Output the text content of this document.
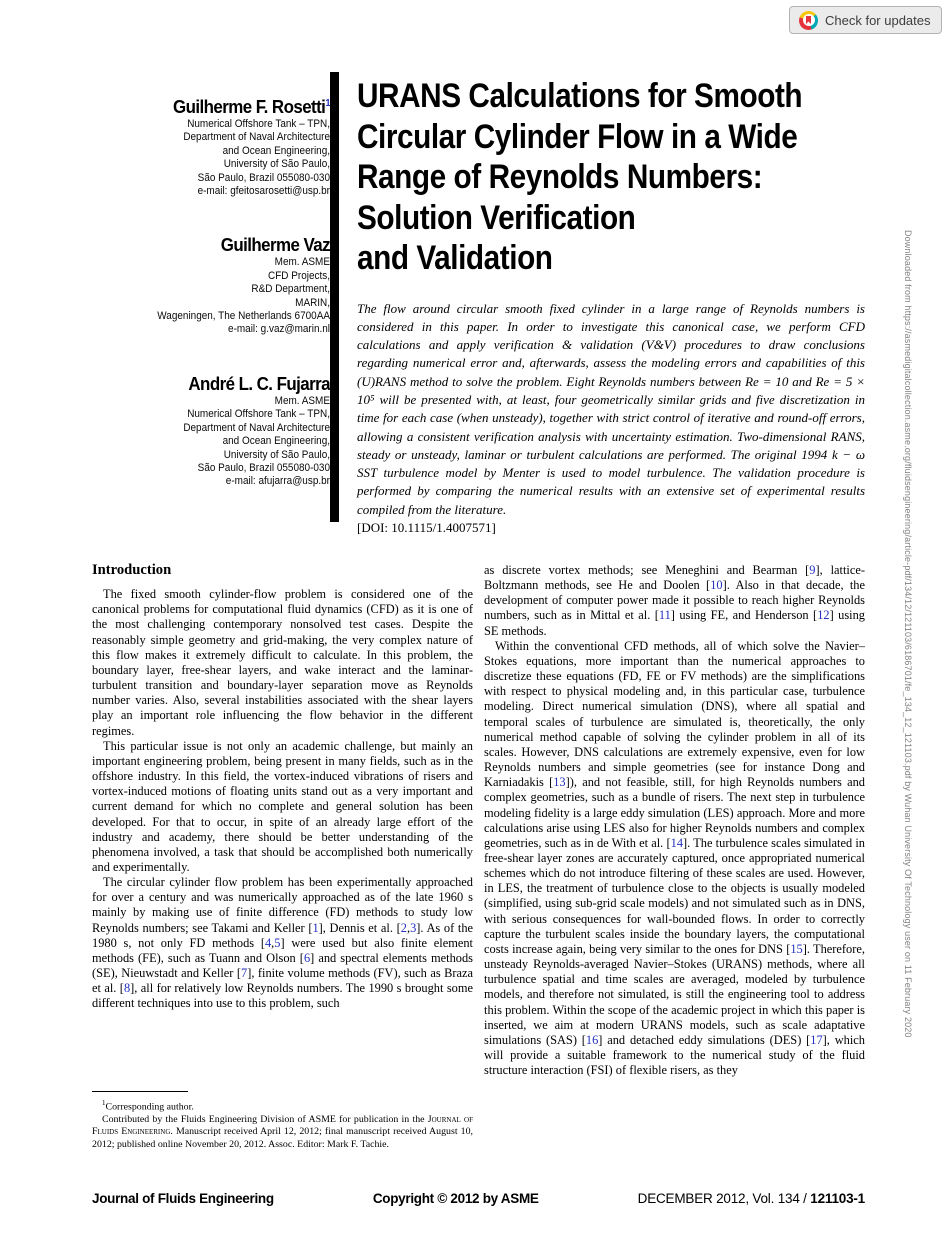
Check for updates
Downloaded from https://asmedigitalcollection.asme.org/fluidsengineering/article-pdf/134/12/121103/6186701/fe_134_12_121103.pdf by Wuhan University Of Technology user on 11 February 2020
Guilherme F. Rosetti$^1$
Numerical Offshore Tank – TPN,
Department of Naval Architecture
and Ocean Engineering,
University of São Paulo,
São Paulo, Brazil 055080-030
e-mail: gfeitosarosetti@usp.br
Guilherme Vaz
Mem. ASME
CFD Projects,
R&D Department,
MARIN,
Wageningen, The Netherlands 6700AA
e-mail: g.vaz@marin.nl
André L. C. Fujarra
Mem. ASME
Numerical Offshore Tank – TPN,
Department of Naval Architecture
and Ocean Engineering,
University of São Paulo,
São Paulo, Brazil 055080-030
e-mail: afujarra@usp.br
URANS Calculations for Smooth
Circular Cylinder Flow in a Wide
Range of Reynolds Numbers:
Solution Verification
and Validation
The flow around circular smooth fixed cylinder in a large range of Reynolds numbers is considered in this paper. In order to investigate this canonical case, we perform CFD calculations and apply verification & validation (V&V) procedures to draw conclusions regarding numerical error and, afterwards, assess the modeling errors and capabilities of this (U)RANS method to solve the problem. Eight Reynolds numbers between Re = 10 and Re = 5 × 10⁵ will be presented with, at least, four geometrically similar grids and five discretization in time for each case (when unsteady), together with strict control of iterative and round-off errors, allowing a consistent verification analysis with uncertainty estimation. Two-dimensional RANS, steady or unsteady, laminar or turbulent calculations are performed. The original 1994 k − ω SST turbulence model by Menter is used to model turbulence. The validation procedure is performed by comparing the numerical results with an extensive set of experimental results compiled from the literature.
[DOI: 10.1115/1.4007571]
Introduction

The fixed smooth cylinder-flow problem is considered one of the canonical problems for computational fluid dynamics (CFD) as it is one of the most challenging contemporary nonsolved test cases. Despite the reasonably simple geometry and grid-making, the very complex nature of this flow makes it extremely difficult to calculate. In this problem, the boundary layer, free-shear layers, and wake interact and the laminar-turbulent transition and boundary-layer separation move as Reynolds number varies. Also, several instabilities associated with the shear layers play an important role influencing the flow behavior in the different regimes.

This particular issue is not only an academic challenge, but mainly an important engineering problem, being present in many fields, such as in the offshore industry. In this field, the vortex-induced vibrations of risers and vortex-induced motions of floating units stand out as a very important and current demand for which no complete and general solution has been developed. For that to occur, in spite of an already large effort of the industry and academy, there should be better understanding of the phenomena involved, a task that should be accomplished both numerically and experimentally.

The circular cylinder flow problem has been experimentally approached for over a century and was numerically approached as of the late 1960 s mainly by making use of finite difference (FD) methods to study low Reynolds numbers; see Takami and Keller [1], Dennis et al. [2,3]. As of the 1980 s, not only FD methods [4,5] were used but also finite element methods (FE), such as Tuann and Olson [6] and spectral elements methods (SE), Nieuwstadt and Keller [7], finite volume methods (FV), such as Braza et al. [8], all for relatively low Reynolds numbers. The 1990 s brought some different techniques into use to this problem, such

as discrete vortex methods; see Meneghini and Bearman [9], lattice-Boltzmann methods, see He and Doolen [10]. Also in that decade, the development of computer power made it possible to reach higher Reynolds numbers, such as in Mittal et al. [11] using FE, and Henderson [12] using SE methods.

Within the conventional CFD methods, all of which solve the Navier–Stokes equations, more important than the numerical approaches to discretize these equations (FD, FE or FV methods) are the simplifications with respect to physical modeling and, in this particular case, turbulence modeling. Direct numerical simulation (DNS), where all spatial and temporal scales of turbulence are simulated is, theoretically, the only numerical method capable of solving the cylinder problem in all of its scales. However, DNS calculations are extremely expensive, even for low Reynolds numbers and simple geometries (see for instance Dong and Karniadakis [13]), and not feasible, still, for high Reynolds numbers and complex geometries, such as a bundle of risers. The next step in turbulence modeling fidelity is a large eddy simulation (LES) approach. More and more calculations arise using LES also for higher Reynolds numbers and complex geometries, such as in de With et al. [14]. The turbulence scales simulated in free-shear layer zones are accurately captured, once appropriated numerical schemes which do not introduce filtering of these scales are used. However, in LES, the treatment of turbulence close to the objects is usually modeled (simplified, using sub-grid scale models) and not simulated such as in DNS, with serious consequences for wall-bounded flows. In order to correctly capture the turbulent scales inside the boundary layers, the computational costs increase again, being very similar to the ones for DNS [15]. Therefore, unsteady Reynolds-averaged Navier–Stokes (URANS) methods, where all turbulence spatial and time scales are averaged, modeled by turbulence models, and therefore not simulated, is still the engineering tool to address this problem. Within the scope of the academic project in which this paper is inserted, we aim at modern URANS models, such as scale adaptative simulations (SAS) [16] and detached eddy simulations (DES) [17], which will provide a suitable framework to the numerical study of the fluid structure interaction (FSI) of flexible risers, as they

$^1$Corresponding author.
Contributed by the Fluids Engineering Division of ASME for publication in the Journal of Fluids Engineering. Manuscript received April 12, 2012; final manuscript received August 10, 2012; published online November 20, 2012. Assoc. Editor: Mark F. Tachie.
Journal of Fluids Engineering	Copyright © 2012 by ASME	DECEMBER 2012, Vol. 134 / 121103-1
